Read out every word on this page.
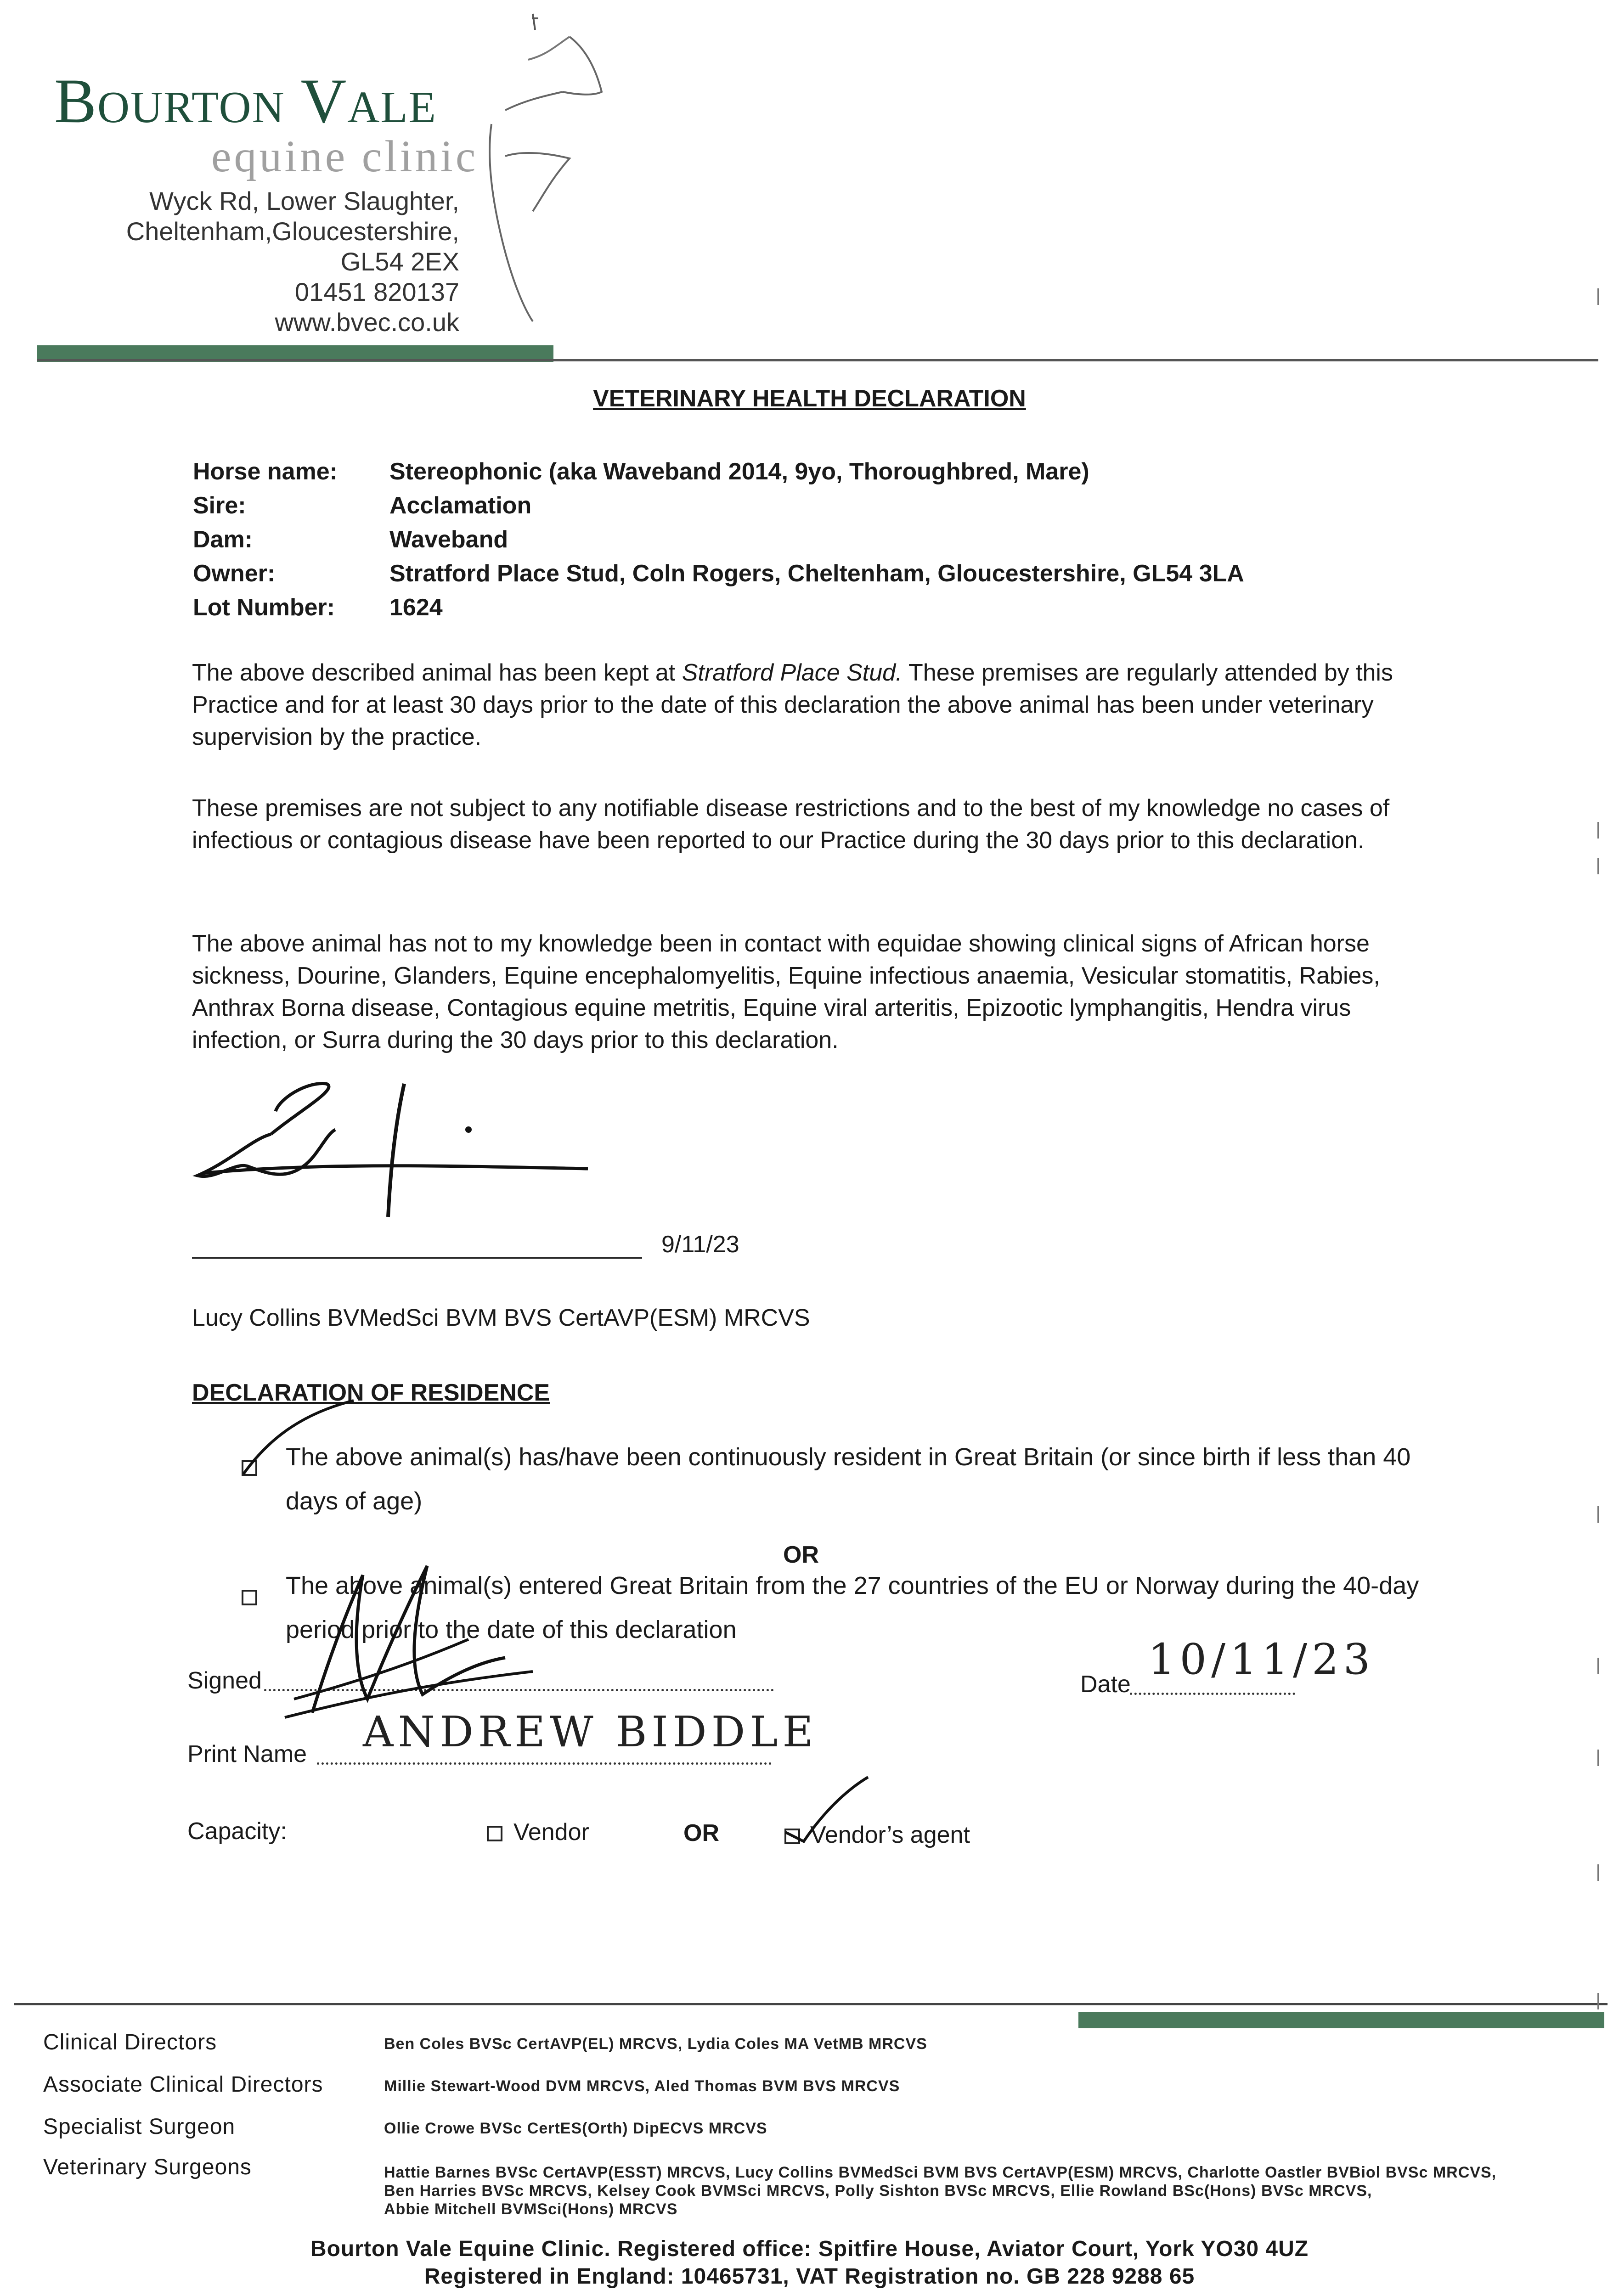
Bourton Vale
equine clinic
Wyck Rd, Lower Slaughter,
Cheltenham,Gloucestershire,
GL54 2EX
01451 820137
www.bvec.co.uk
VETERINARY HEALTH DECLARATION
Horse name:	Stereophonic (aka Waveband 2014, 9yo, Thoroughbred, Mare)
Sire:	Acclamation
Dam:	Waveband
Owner:	Stratford Place Stud, Coln Rogers, Cheltenham, Gloucestershire, GL54 3LA
Lot Number:	1624
The above described animal has been kept at Stratford Place Stud. These premises are regularly attended by this Practice and for at least 30 days prior to the date of this declaration the above animal has been under veterinary supervision by the practice.
These premises are not subject to any notifiable disease restrictions and to the best of my knowledge no cases of infectious or contagious disease have been reported to our Practice during the 30 days prior to this declaration.
The above animal has not to my knowledge been in contact with equidae showing clinical signs of African horse sickness, Dourine, Glanders, Equine encephalomyelitis, Equine infectious anaemia, Vesicular stomatitis, Rabies, Anthrax Borna disease, Contagious equine metritis, Equine viral arteritis, Epizootic lymphangitis, Hendra virus infection, or Surra during the 30 days prior to this declaration.
9/11/23
Lucy Collins BVMedSci BVM BVS CertAVP(ESM) MRCVS
DECLARATION OF RESIDENCE
The above animal(s) has/have been continuously resident in Great Britain (or since birth if less than 40 days of age)
OR
The above animal(s) entered Great Britain from the 27 countries of the EU or Norway during the 40-day period prior to the date of this declaration
Signed	Date
10/11/23
Print Name ANDREW BIDDLE
Capacity:	Vendor	OR	Vendor’s agent
Clinical Directors	Ben Coles BVSc CertAVP(EL) MRCVS, Lydia Coles MA VetMB MRCVS
Associate Clinical Directors	Millie Stewart-Wood DVM MRCVS, Aled Thomas BVM BVS MRCVS
Specialist Surgeon	Ollie Crowe BVSc CertES(Orth) DipECVS MRCVS
Veterinary Surgeons	Hattie Barnes BVSc CertAVP(ESST) MRCVS, Lucy Collins BVMedSci BVM BVS CertAVP(ESM) MRCVS, Charlotte Oastler BVBiol BVSc MRCVS,
Ben Harries BVSc MRCVS, Kelsey Cook BVMSci MRCVS, Polly Sishton BVSc MRCVS, Ellie Rowland BSc(Hons) BVSc MRCVS,
Abbie Mitchell BVMSci(Hons) MRCVS
Bourton Vale Equine Clinic. Registered office: Spitfire House, Aviator Court, York YO30 4UZ
Registered in England: 10465731, VAT Registration no. GB 228 9288 65
